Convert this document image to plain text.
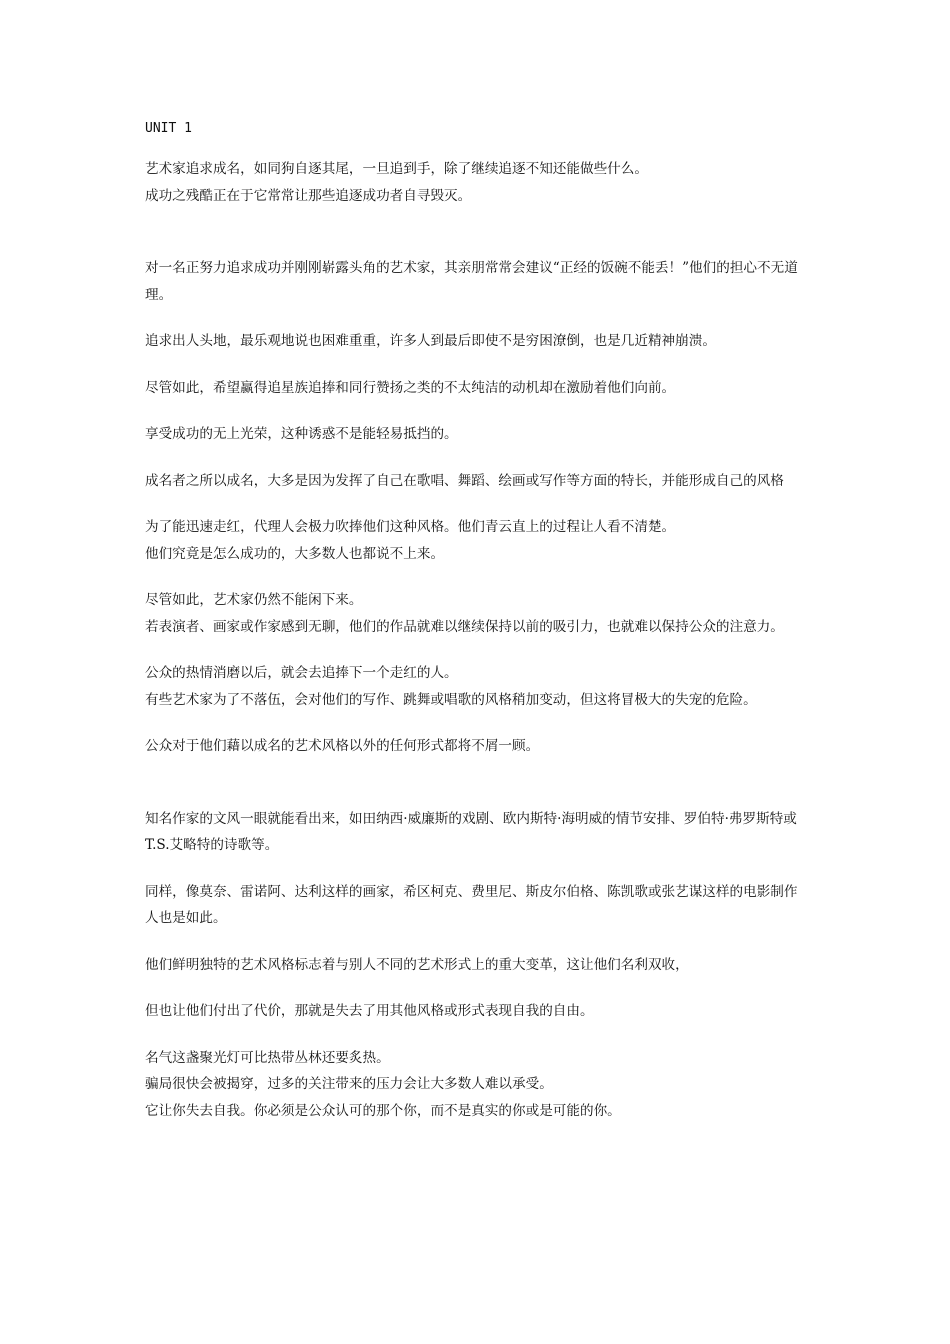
UNIT 1
艺术家追求成名，如同狗自逐其尾，一旦追到手，除了继续追逐不知还能做些什么。
成功之残酷正在于它常常让那些追逐成功者自寻毁灭。
对一名正努力追求成功并刚刚崭露头角的艺术家，其亲朋常常会建议“正经的饭碗不能丢！”他们的担心不无道理。
追求出人头地，最乐观地说也困难重重，许多人到最后即使不是穷困潦倒，也是几近精神崩溃。
尽管如此，希望赢得追星族追捧和同行赞扬之类的不太纯洁的动机却在激励着他们向前。
享受成功的无上光荣，这种诱惑不是能轻易抵挡的。
成名者之所以成名，大多是因为发挥了自己在歌唱、舞蹈、绘画或写作等方面的特长，并能形成自己的风格
为了能迅速走红，代理人会极力吹捧他们这种风格。他们青云直上的过程让人看不清楚。
他们究竟是怎么成功的，大多数人也都说不上来。
尽管如此，艺术家仍然不能闲下来。
若表演者、画家或作家感到无聊，他们的作品就难以继续保持以前的吸引力，也就难以保持公众的注意力。
公众的热情消磨以后，就会去追捧下一个走红的人。
有些艺术家为了不落伍，会对他们的写作、跳舞或唱歌的风格稍加变动，但这将冒极大的失宠的危险。
公众对于他们藉以成名的艺术风格以外的任何形式都将不屑一顾。
知名作家的文风一眼就能看出来，如田纳西·威廉斯的戏剧、欧内斯特·海明威的情节安排、罗伯特·弗罗斯特或 T.S.艾略特的诗歌等。
同样，像莫奈、雷诺阿、达利这样的画家，希区柯克、费里尼、斯皮尔伯格、陈凯歌或张艺谋这样的电影制作人也是如此。
他们鲜明独特的艺术风格标志着与别人不同的艺术形式上的重大变革，这让他们名利双收，
但也让他们付出了代价，那就是失去了用其他风格或形式表现自我的自由。
名气这盏聚光灯可比热带丛林还要炙热。
骗局很快会被揭穿，过多的关注带来的压力会让大多数人难以承受。
它让你失去自我。你必须是公众认可的那个你，而不是真实的你或是可能的你。
